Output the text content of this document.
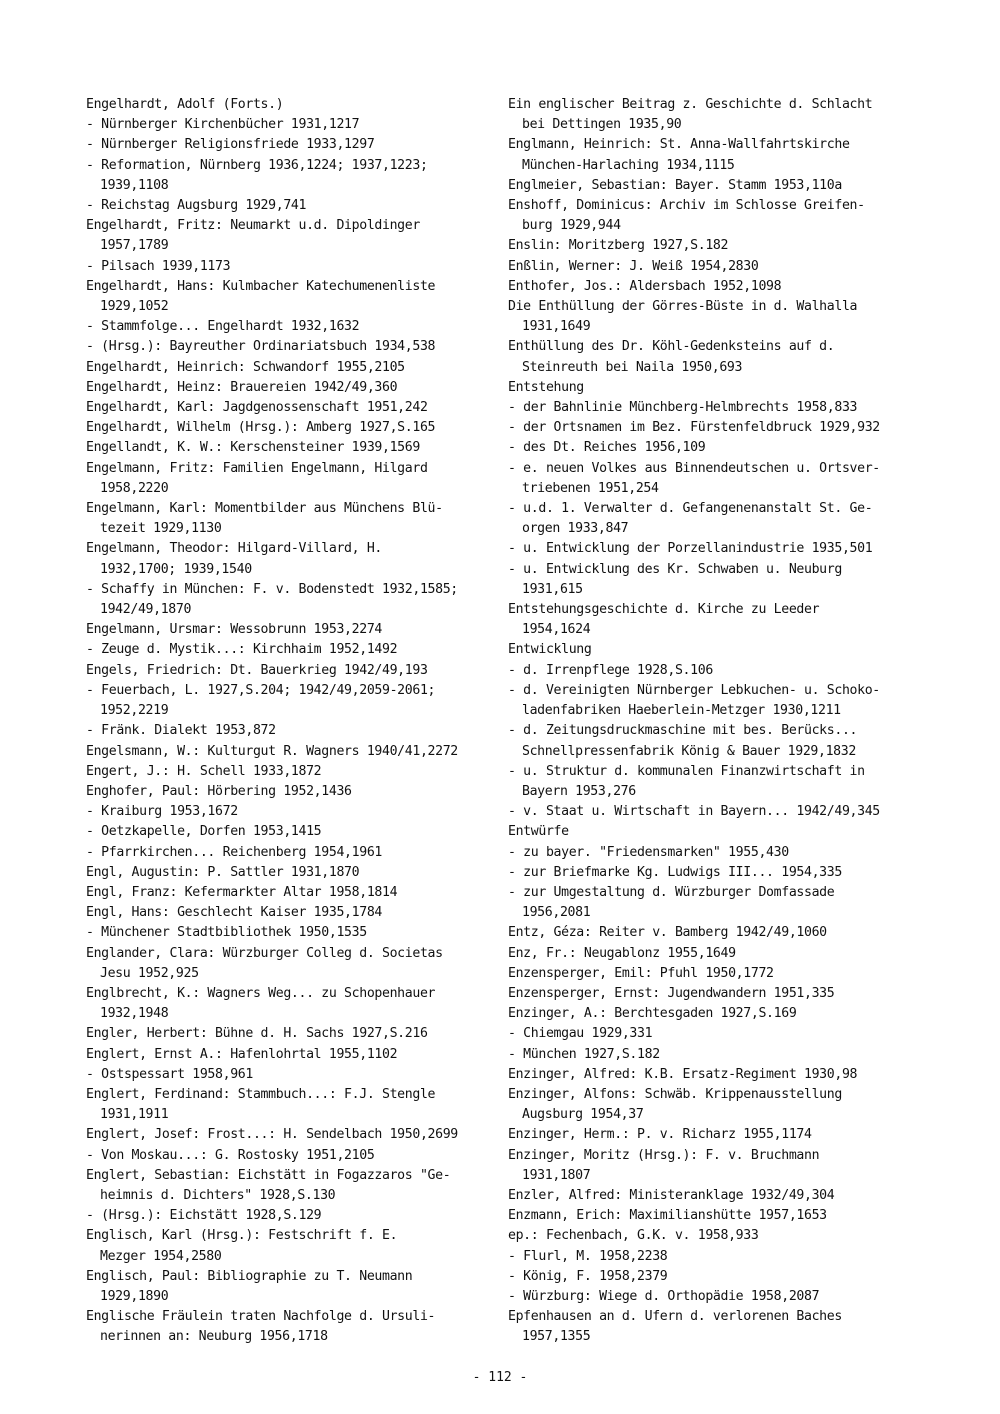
Engelhardt, Adolf (Forts.)
- Nürnberger Kirchenbücher 1931,1217
- Nürnberger Religionsfriede 1933,1297
- Reformation, Nürnberg 1936,1224; 1937,1223;
1939,1108
- Reichstag Augsburg 1929,741
Engelhardt, Fritz: Neumarkt u.d. Dipoldinger
1957,1789
- Pilsach 1939,1173
Engelhardt, Hans: Kulmbacher Katechumenenliste
1929,1052
- Stammfolge... Engelhardt 1932,1632
- (Hrsg.): Bayreuther Ordinariatsbuch 1934,538
Engelhardt, Heinrich: Schwandorf 1955,2105
Engelhardt, Heinz: Brauereien 1942/49,360
Engelhardt, Karl: Jagdgenossenschaft 1951,242
Engelhardt, Wilhelm (Hrsg.): Amberg 1927,S.165
Engellandt, K. W.: Kerschensteiner 1939,1569
Engelmann, Fritz: Familien Engelmann, Hilgard
1958,2220
Engelmann, Karl: Momentbilder aus Münchens Blü-
tezeit 1929,1130
Engelmann, Theodor: Hilgard-Villard, H.
1932,1700; 1939,1540
- Schaffy in München: F. v. Bodenstedt 1932,1585;
1942/49,1870
Engelmann, Ursmar: Wessobrunn 1953,2274
- Zeuge d. Mystik...: Kirchhaim 1952,1492
Engels, Friedrich: Dt. Bauerkrieg 1942/49,193
- Feuerbach, L. 1927,S.204; 1942/49,2059-2061;
1952,2219
- Fränk. Dialekt 1953,872
Engelsmann, W.: Kulturgut R. Wagners 1940/41,2272
Engert, J.: H. Schell 1933,1872
Enghofer, Paul: Hörbering 1952,1436
- Kraiburg 1953,1672
- Oetzkapelle, Dorfen 1953,1415
- Pfarrkirchen... Reichenberg 1954,1961
Engl, Augustin: P. Sattler 1931,1870
Engl, Franz: Kefermarkter Altar 1958,1814
Engl, Hans: Geschlecht Kaiser 1935,1784
- Münchener Stadtbibliothek 1950,1535
Englander, Clara: Würzburger Colleg d. Societas
Jesu 1952,925
Englbrecht, K.: Wagners Weg... zu Schopenhauer
1932,1948
Engler, Herbert: Bühne d. H. Sachs 1927,S.216
Englert, Ernst A.: Hafenlohrtal 1955,1102
- Ostspessart 1958,961
Englert, Ferdinand: Stammbuch...: F.J. Stengle
1931,1911
Englert, Josef: Frost...: H. Sendelbach 1950,2699
- Von Moskau...: G. Rostosky 1951,2105
Englert, Sebastian: Eichstätt in Fogazzaros "Ge-
heimnis d. Dichters" 1928,S.130
- (Hrsg.): Eichstätt 1928,S.129
Englisch, Karl (Hrsg.): Festschrift f. E.
Mezger 1954,2580
Englisch, Paul: Bibliographie zu T. Neumann
1929,1890
Englische Fräulein traten Nachfolge d. Ursuli-
nerinnen an: Neuburg 1956,1718
Ein englischer Beitrag z. Geschichte d. Schlacht
bei Dettingen 1935,90
Englmann, Heinrich: St. Anna-Wallfahrtskirche
München-Harlaching 1934,1115
Englmeier, Sebastian: Bayer. Stamm 1953,110a
Enshoff, Dominicus: Archiv im Schlosse Greifen-
burg 1929,944
Enslin: Moritzberg 1927,S.182
Enßlin, Werner: J. Weiß 1954,2830
Enthofer, Jos.: Aldersbach 1952,1098
Die Enthüllung der Görres-Büste in d. Walhalla
1931,1649
Enthüllung des Dr. Köhl-Gedenksteins auf d.
Steinreuth bei Naila 1950,693
Entstehung
- der Bahnlinie Münchberg-Helmbrechts 1958,833
- der Ortsnamen im Bez. Fürstenfeldbruck 1929,932
- des Dt. Reiches 1956,109
- e. neuen Volkes aus Binnendeutschen u. Ortsver-
triebenen 1951,254
- u.d. 1. Verwalter d. Gefangenenanstalt St. Ge-
orgen 1933,847
- u. Entwicklung der Porzellanindustrie 1935,501
- u. Entwicklung des Kr. Schwaben u. Neuburg
1931,615
Entstehungsgeschichte d. Kirche zu Leeder
1954,1624
Entwicklung
- d. Irrenpflege 1928,S.106
- d. Vereinigten Nürnberger Lebkuchen- u. Schoko-
ladenfabriken Haeberlein-Metzger 1930,1211
- d. Zeitungsdruckmaschine mit bes. Berücks...
Schnellpressenfabrik König & Bauer 1929,1832
- u. Struktur d. kommunalen Finanzwirtschaft in
Bayern 1953,276
- v. Staat u. Wirtschaft in Bayern... 1942/49,345
Entwürfe
- zu bayer. "Friedensmarken" 1955,430
- zur Briefmarke Kg. Ludwigs III... 1954,335
- zur Umgestaltung d. Würzburger Domfassade
1956,2081
Entz, Géza: Reiter v. Bamberg 1942/49,1060
Enz, Fr.: Neugablonz 1955,1649
Enzensperger, Emil: Pfuhl 1950,1772
Enzensperger, Ernst: Jugendwandern 1951,335
Enzinger, A.: Berchtesgaden 1927,S.169
- Chiemgau 1929,331
- München 1927,S.182
Enzinger, Alfred: K.B. Ersatz-Regiment 1930,98
Enzinger, Alfons: Schwäb. Krippenausstellung
Augsburg 1954,37
Enzinger, Herm.: P. v. Richarz 1955,1174
Enzinger, Moritz (Hrsg.): F. v. Bruchmann
1931,1807
Enzler, Alfred: Ministeranklage 1932/49,304
Enzmann, Erich: Maximilianshütte 1957,1653
ep.: Fechenbach, G.K. v. 1958,933
- Flurl, M. 1958,2238
- König, F. 1958,2379
- Würzburg: Wiege d. Orthopädie 1958,2087
Epfenhausen an d. Ufern d. verlorenen Baches
1957,1355
- 112 -
